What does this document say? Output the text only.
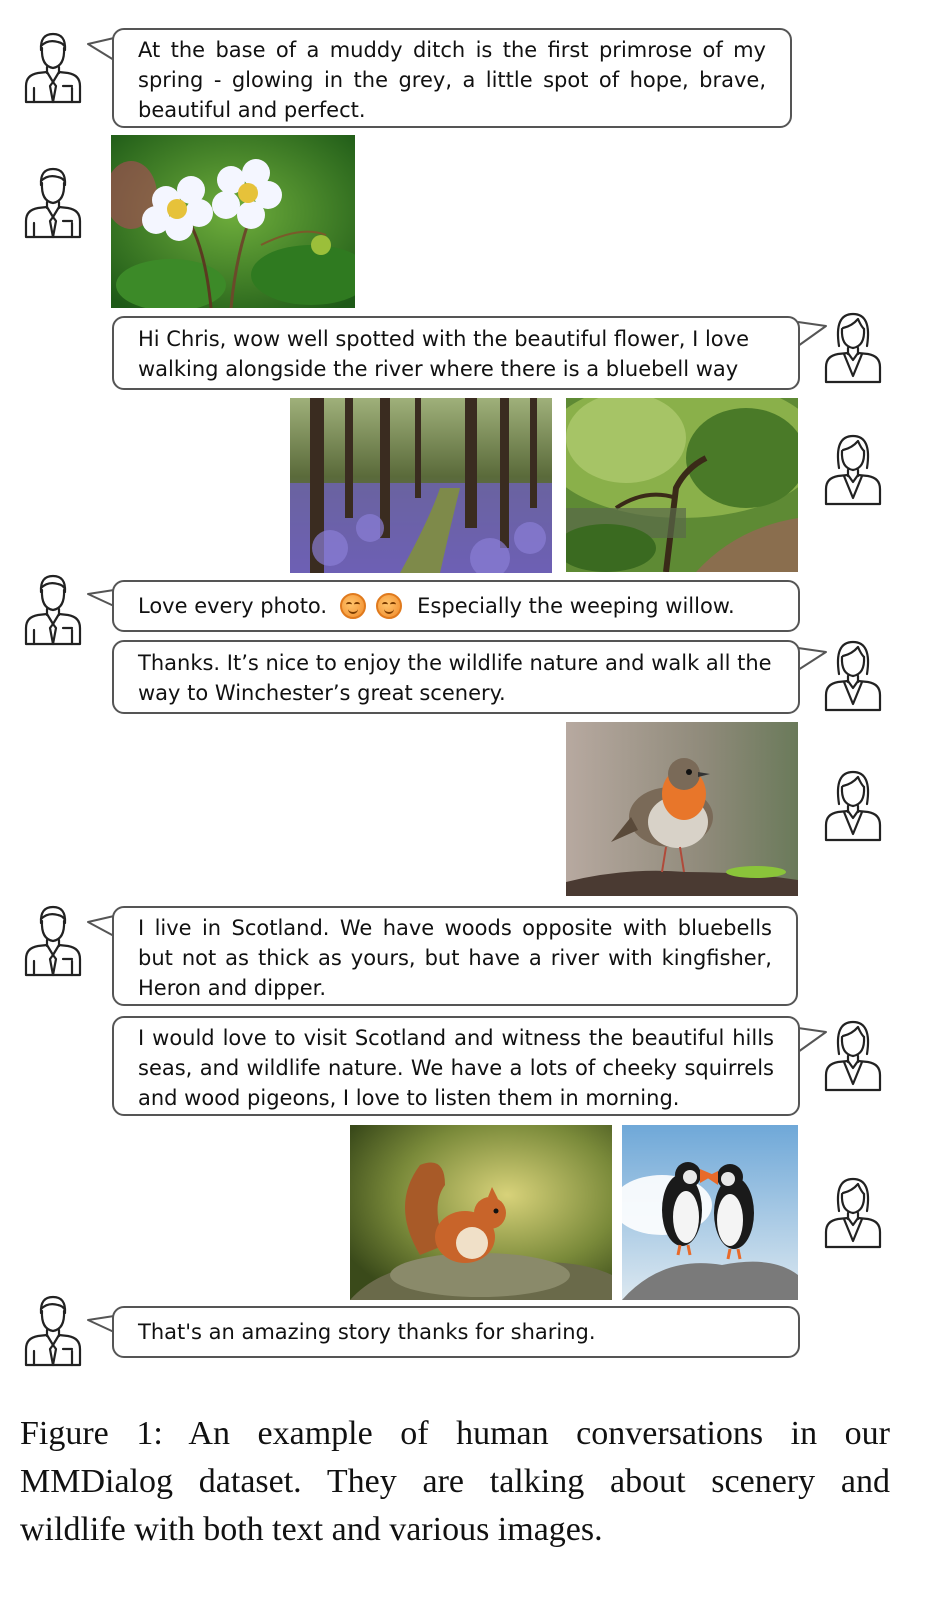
At the base of a muddy ditch is the first primrose of my
spring - glowing in the grey, a little spot of hope, brave,
beautiful and perfect.
Hi Chris, wow well spotted with the beautiful flower, I love
walking alongside the river where there is a bluebell way
Love every photo.
	Especially the weeping willow.
Thanks. It’s nice to enjoy the wildlife nature and walk all the
way to Winchester’s great scenery.
I live in Scotland. We have woods opposite with bluebells
but not as thick as yours, but have a river with kingfisher,
Heron and dipper.
I would love to visit Scotland and witness the beautiful hills
seas, and wildlife nature. We have a lots of cheeky squirrels
and wood pigeons, I love to listen them in morning.
That's an amazing story thanks for sharing.
Figure 1: An example of human conversations in our
MMDialog dataset. They are talking about scenery and
wildlife with both text and various images.
